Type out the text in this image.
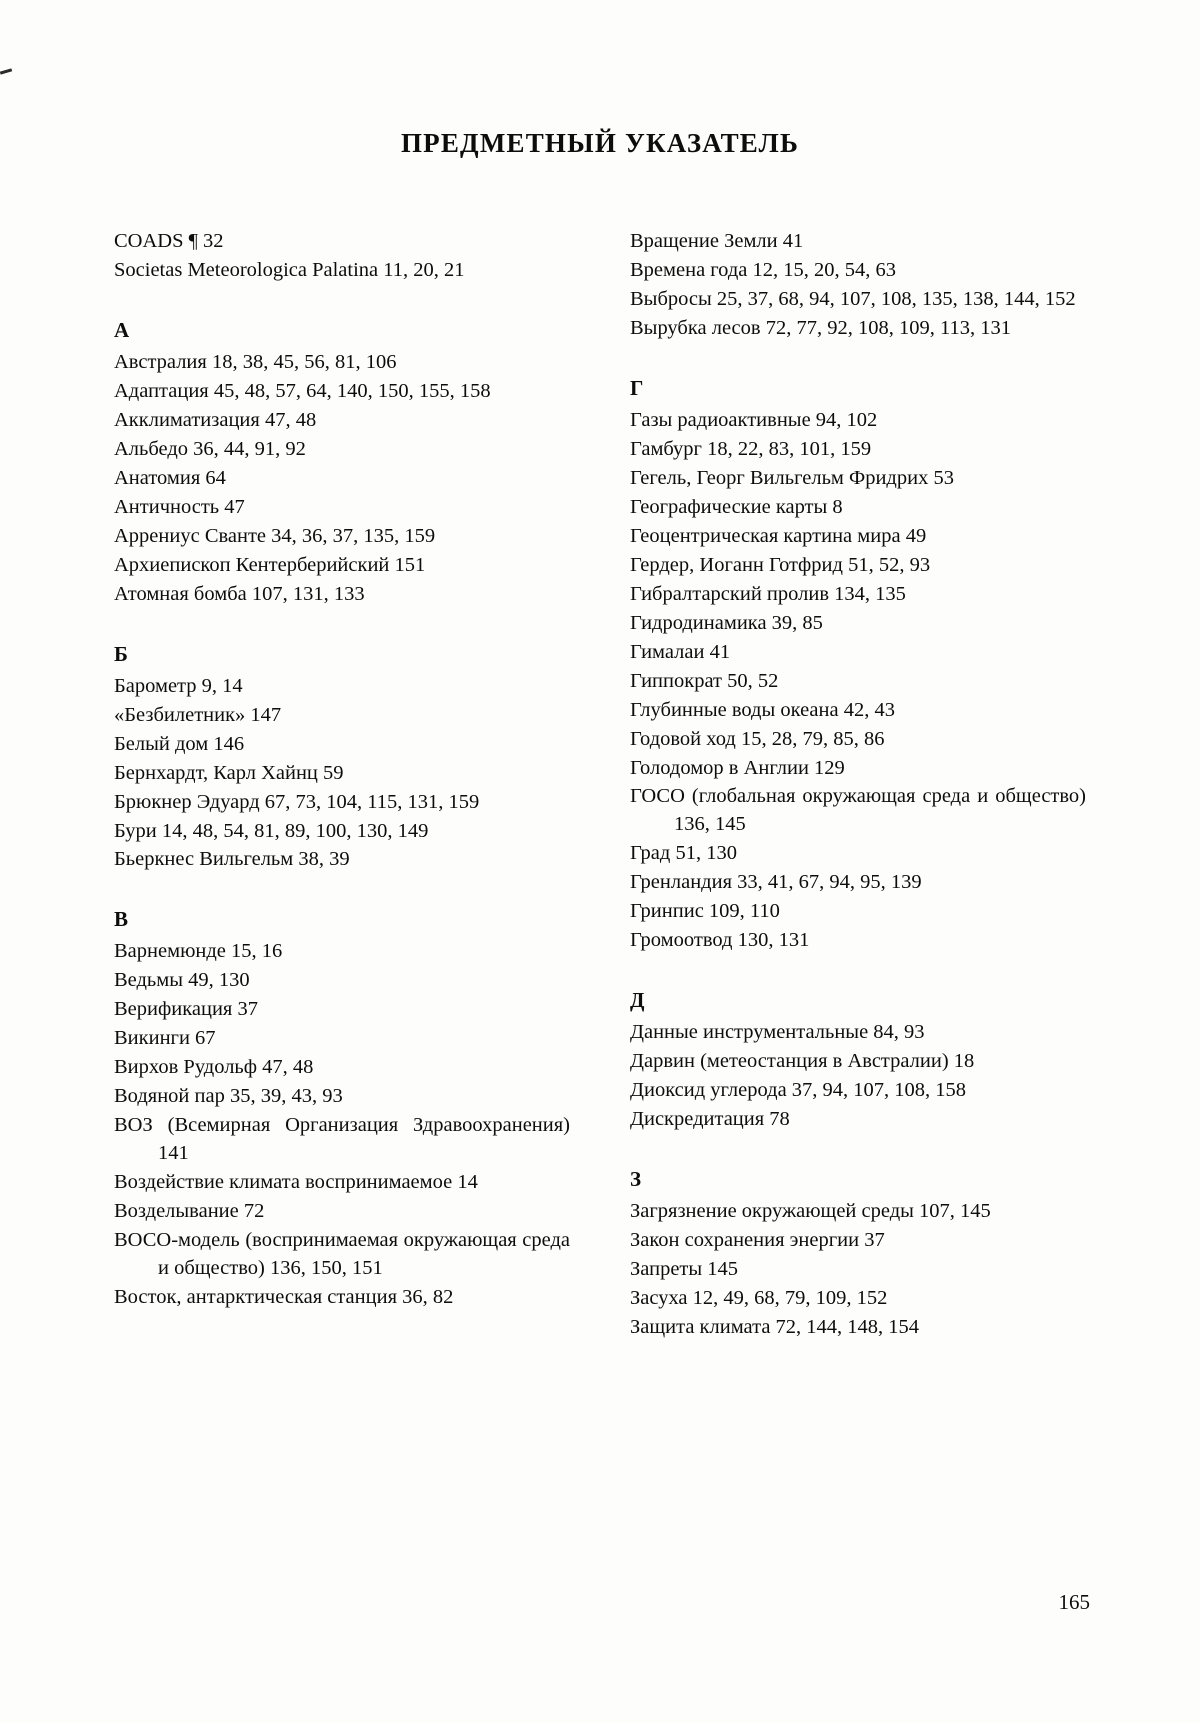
ПРЕДМЕТНЫЙ УКАЗАТЕЛЬ
COADS ¶ 32
Societas Meteorologica Palatina 11, 20, 21
А
Австралия 18, 38, 45, 56, 81, 106
Адаптация 45, 48, 57, 64, 140, 150, 155, 158
Акклиматизация 47, 48
Альбедо 36, 44, 91, 92
Анатомия 64
Античность 47
Аррениус Сванте 34, 36, 37, 135, 159
Архиепископ Кентерберийский 151
Атомная бомба 107, 131, 133
Б
Барометр 9, 14
«Безбилетник» 147
Белый дом 146
Бернхардт, Карл Хайнц 59
Брюкнер Эдуард 67, 73, 104, 115, 131, 159
Бури 14, 48, 54, 81, 89, 100, 130, 149
Бьеркнес Вильгельм 38, 39
В
Варнемюнде 15, 16
Ведьмы 49, 130
Верификация 37
Викинги 67
Вирхов Рудольф 47, 48
Водяной пар 35, 39, 43, 93
ВОЗ (Всемирная Организация Здравоохранения) 141
Воздействие климата воспринимаемое 14
Возделывание 72
ВОСО-модель (воспринимаемая окружающая среда и общество) 136, 150, 151
Восток, антарктическая станция 36, 82
Вращение Земли 41
Времена года 12, 15, 20, 54, 63
Выбросы 25, 37, 68, 94, 107, 108, 135, 138, 144, 152
Вырубка лесов 72, 77, 92, 108, 109, 113, 131
Г
Газы радиоактивные 94, 102
Гамбург 18, 22, 83, 101, 159
Гегель, Георг Вильгельм Фридрих 53
Географические карты 8
Геоцентрическая картина мира 49
Гердер, Иоганн Готфрид 51, 52, 93
Гибралтарский пролив 134, 135
Гидродинамика 39, 85
Гималаи 41
Гиппократ 50, 52
Глубинные воды океана 42, 43
Годовой ход 15, 28, 79, 85, 86
Голодомор в Англии 129
ГОСО (глобальная окружающая среда и общество) 136, 145
Град 51, 130
Гренландия 33, 41, 67, 94, 95, 139
Гринпис 109, 110
Громоотвод 130, 131
Д
Данные инструментальные 84, 93
Дарвин (метеостанция в Австралии) 18
Диоксид углерода 37, 94, 107, 108, 158
Дискредитация 78
З
Загрязнение окружающей среды 107, 145
Закон сохранения энергии 37
Запреты 145
Засуха 12, 49, 68, 79, 109, 152
Защита климата 72, 144, 148, 154
165
